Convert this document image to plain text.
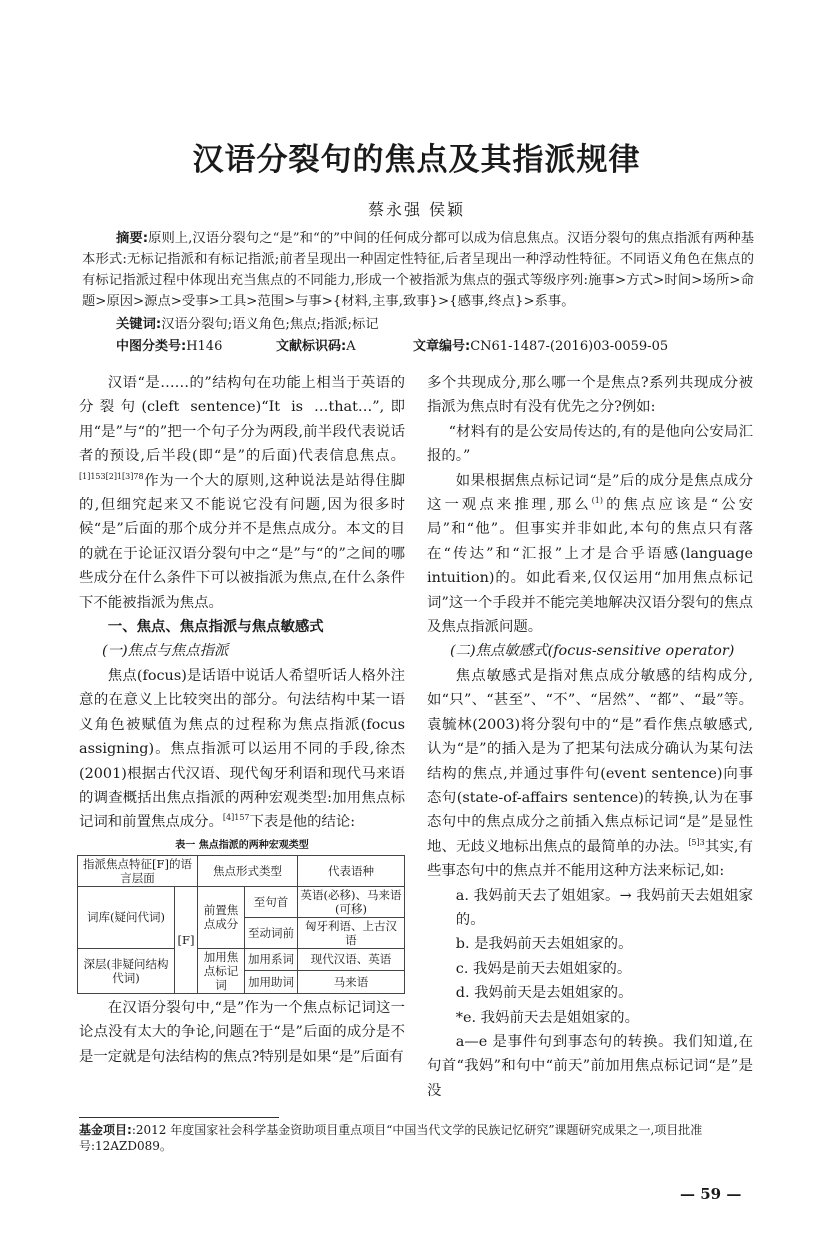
汉语分裂句的焦点及其指派规律
蔡永强 侯颖

摘要:原则上,汉语分裂句之“是”和“的”中间的任何成分都可以成为信息焦点。汉语分裂句的焦点指派有两种基本形式:无标记指派和有标记指派;前者呈现出一种固定性特征,后者呈现出一种浮动性特征。不同语义角色在焦点的有标记指派过程中体现出充当焦点的不同能力,形成一个被指派为焦点的强式等级序列:施事>方式>时间>场所>命题>原因>源点>受事>工具>范围>与事>{材料,主事,致事}>{感事,终点}>系事。

关键词:汉语分裂句;语义角色;焦点;指派;标记

中图分类号:H146	文献标识码:A	文章编号:CN61-1487-(2016)03-0059-05

汉语“是……的”结构句在功能上相当于英语的分裂句(cleft sentence)“It is …that…”,即用“是”与“的”把一个句子分为两段,前半段代表说话者的预设,后半段(即“是”的后面)代表信息焦点。$^{[1]153[2]1[3]78}$作为一个大的原则,这种说法是站得住脚的,但细究起来又不能说它没有问题,因为很多时候“是”后面的那个成分并不是焦点成分。本文的目的就在于论证汉语分裂句中之“是”与“的”之间的哪些成分在什么条件下可以被指派为焦点,在什么条件下不能被指派为焦点。

一、焦点、焦点指派与焦点敏感式
(一)焦点与焦点指派

焦点(focus)是话语中说话人希望听话人格外注意的在意义上比较突出的部分。句法结构中某一语义角色被赋值为焦点的过程称为焦点指派(focus assigning)。焦点指派可以运用不同的手段,徐杰(2001)根据古代汉语、现代匈牙利语和现代马来语的调查概括出焦点指派的两种宏观类型:加用焦点标记词和前置焦点成分。$^{[4]157}$下表是他的结论:

表一 焦点指派的两种宏观类型
指派焦点特征[F]的语言层面		焦点形式类型		代表语种
词库(疑问代词)	[F]	前置焦点成分	至句首	英语(必移)、马来语(可移)
			至动词前	匈牙利语、上古汉语
深层(非疑问结构代词)		加用焦点标记词	加用系词	现代汉语、英语
			加用助词	马来语

在汉语分裂句中,“是”作为一个焦点标记词这一论点没有太大的争论,问题在于“是”后面的成分是不是一定就是句法结构的焦点?特别是如果“是”后面有

多个共现成分,那么哪一个是焦点?系列共现成分被指派为焦点时有没有优先之分?例如:

“材料有的是公安局传达的,有的是他向公安局汇报的。”

如果根据焦点标记词“是”后的成分是焦点成分这一观点来推理,那么$^{(1)}$的焦点应该是“公安局”和“他”。但事实并非如此,本句的焦点只有落在“传达”和“汇报”上才是合乎语感(language intuition)的。如此看来,仅仅运用“加用焦点标记词”这一个手段并不能完美地解决汉语分裂句的焦点及焦点指派问题。

(二)焦点敏感式(focus-sensitive operator)

焦点敏感式是指对焦点成分敏感的结构成分,如“只”、“甚至”、“不”、“居然”、“都”、“最”等。袁毓林(2003)将分裂句中的“是”看作焦点敏感式,认为“是”的插入是为了把某句法成分确认为某句法结构的焦点,并通过事件句(event sentence)向事态句(state-of-affairs sentence)的转换,认为在事态句中的焦点成分之前插入焦点标记词“是”是显性地、无歧义地标出焦点的最简单的办法。$^{[5]3}$其实,有些事态句中的焦点并不能用这种方法来标记,如:

a. 我妈前天去了姐姐家。→ 我妈前天去姐姐家的。

b. 是我妈前天去姐姐家的。

c. 我妈是前天去姐姐家的。

d. 我妈前天是去姐姐家的。

*e. 我妈前天去是姐姐家的。

a—e 是事件句到事态句的转换。我们知道,在句首“我妈”和句中“前天”前加用焦点标记词“是”是没

基金项目::2012 年度国家社会科学基金资助项目重点项目“中国当代文学的民族记忆研究”课题研究成果之一,项目批准号:12AZD089。
— 59 —
